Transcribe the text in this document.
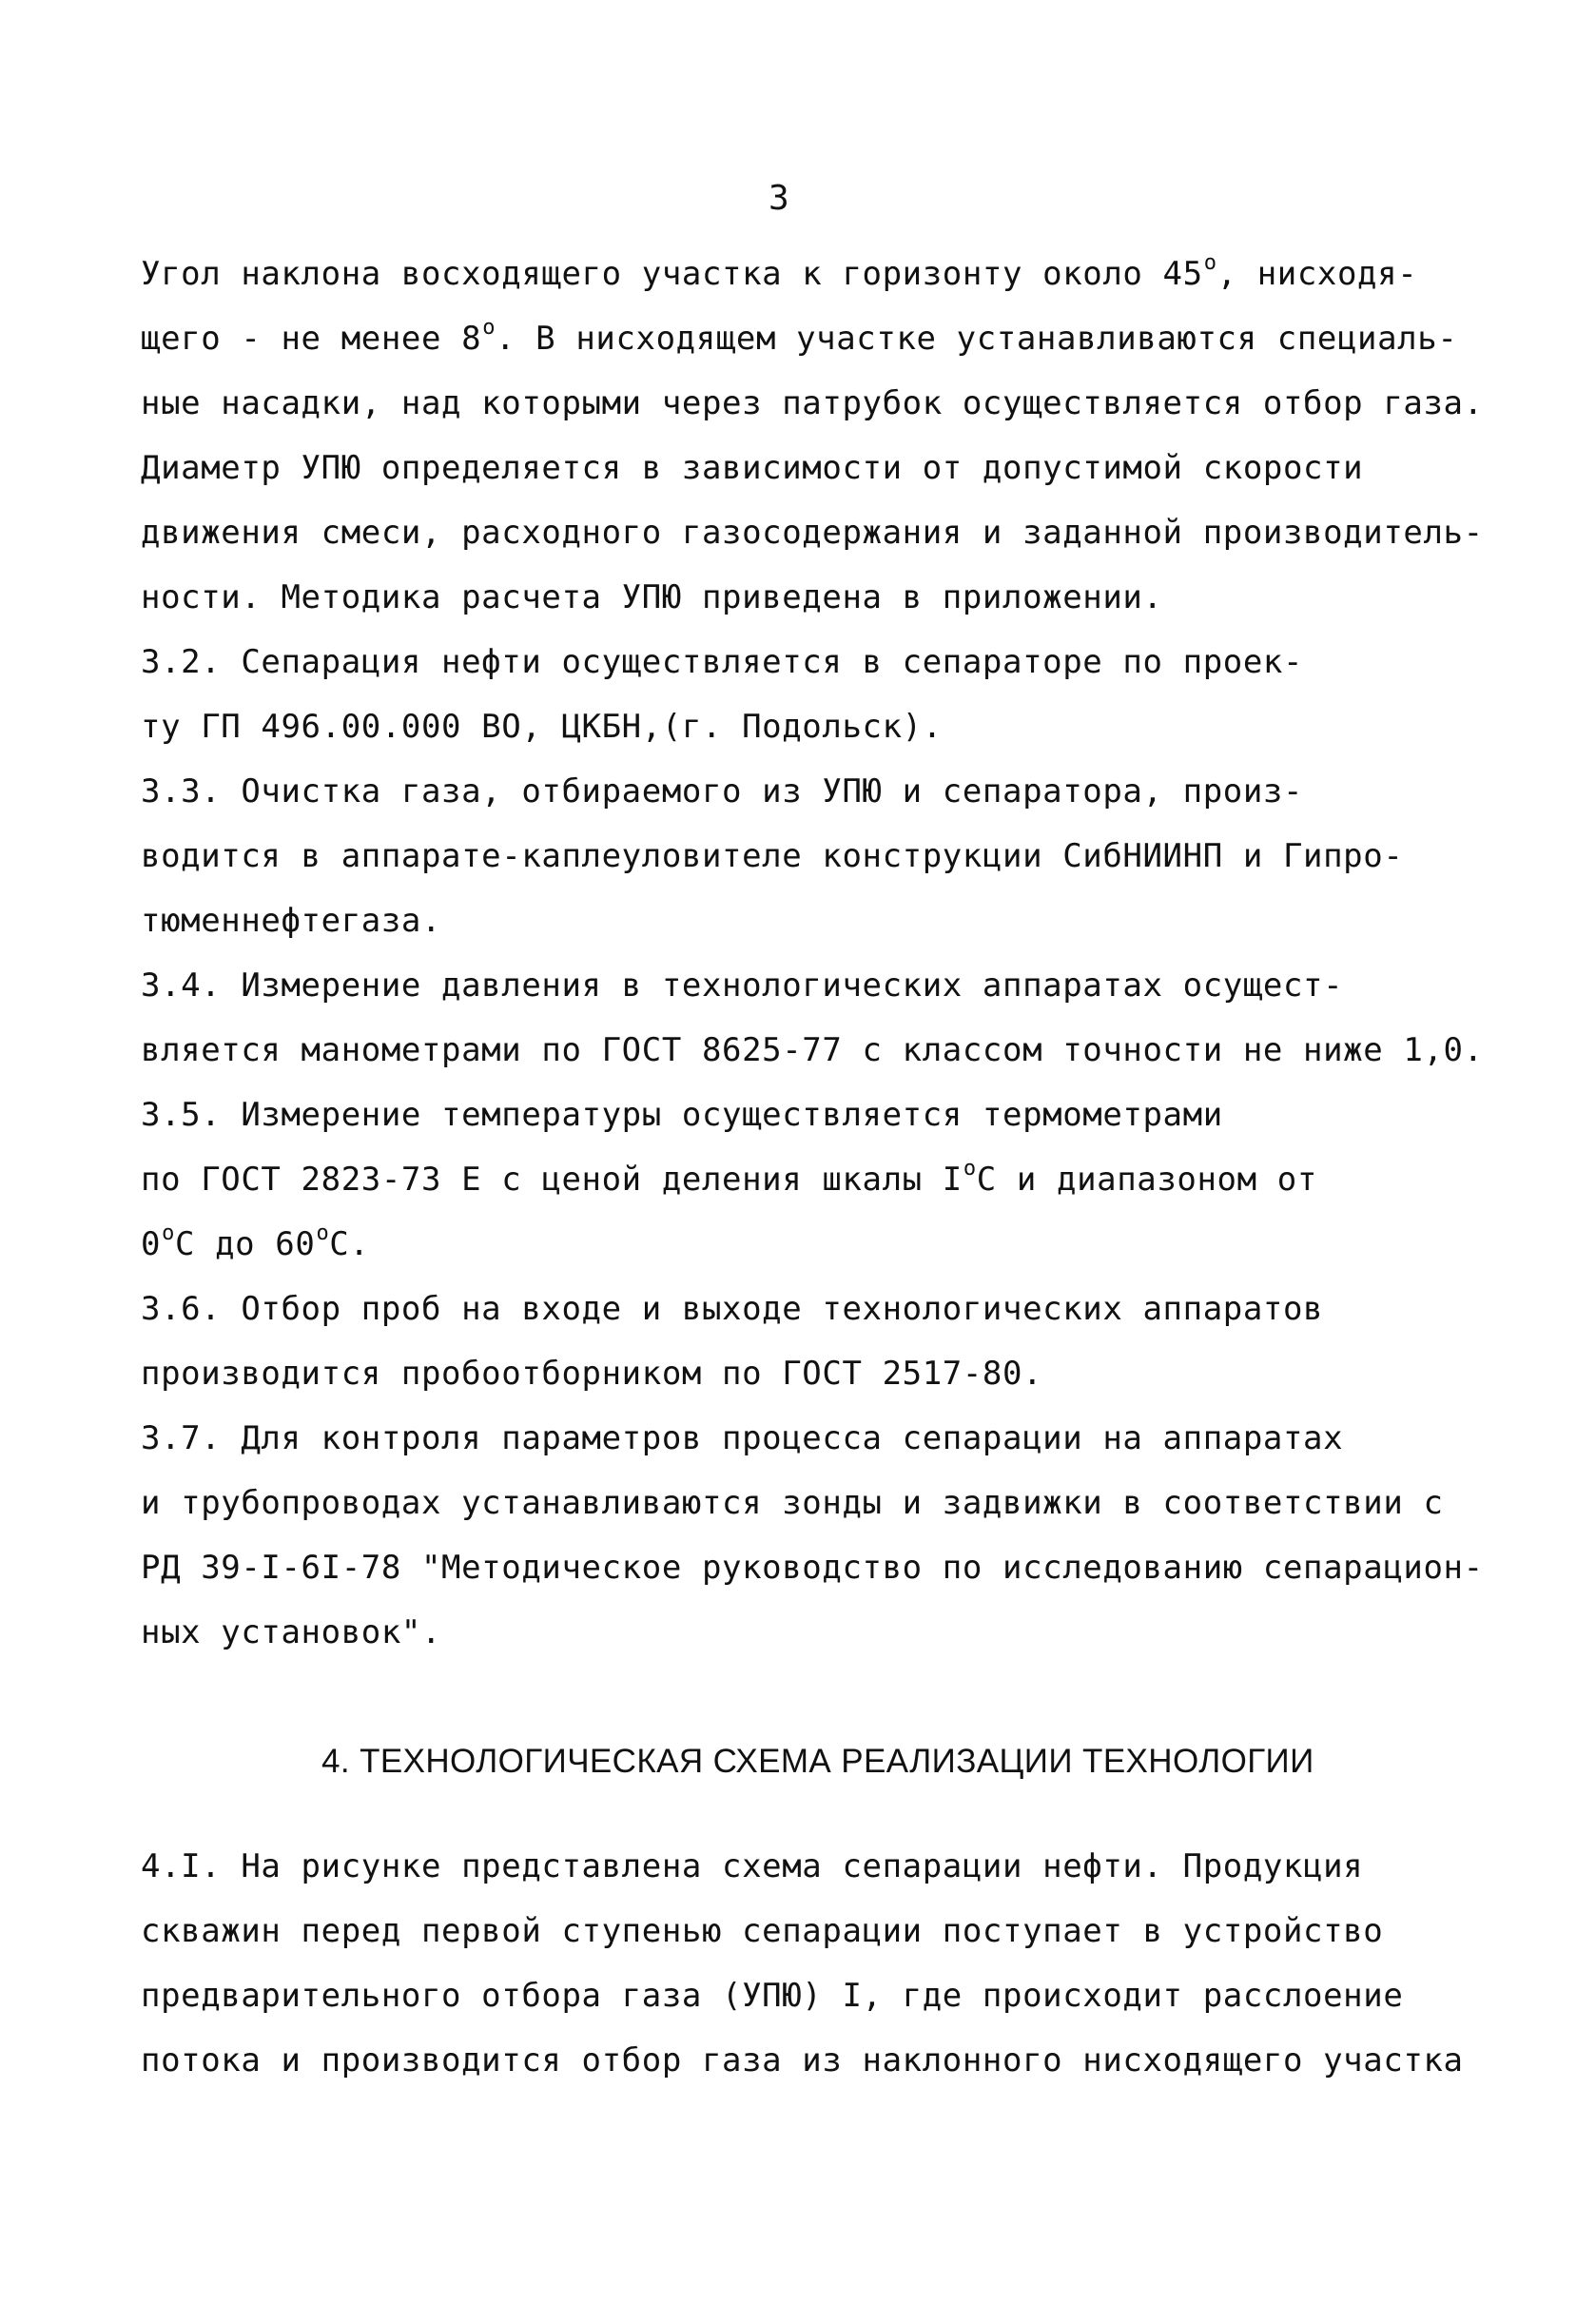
3
Угол наклона восходящего участка к горизонту около $45^о$, нисходя-
щего - не менее $8^о$. В нисходящем участке устанавливаются специаль-
ные насадки, над которыми через патрубок осуществляется отбор газа.
Диаметр УПЮ определяется в зависимости от допустимой скорости
движения смеси, расходного газосодержания и заданной производитель-
ности. Методика расчета УПЮ приведена в приложении.
3.2. Сепарация нефти осуществляется в сепараторе по проек-
ту ГП 496.00.000 ВО, ЦКБН,(г. Подольск).
3.3. Очистка газа, отбираемого из УПЮ и сепаратора, произ-
водится в аппарате-каплеуловителе конструкции СибНИИНП и Гипро-
тюменнефтегаза.
3.4. Измерение давления в технологических аппаратах осущест-
вляется манометрами по ГОСТ 8625-77 с классом точности не ниже 1,0.
3.5. Измерение температуры осуществляется термометрами
по ГОСТ 2823-73 Е с ценой деления шкалы $I^оС$ и диапазоном от
$0^оС$ до $60^оС$.
3.6. Отбор проб на входе и выходе технологических аппаратов
производится пробоотборником по ГОСТ 2517-80.
3.7. Для контроля параметров процесса сепарации на аппаратах
и трубопроводах устанавливаются зонды и задвижки в соответствии с
РД 39-I-6I-78 "Методическое руководство по исследованию сепарацион-
ных установок".
4.I. На рисунке представлена схема сепарации нефти. Продукция
скважин перед первой ступенью сепарации поступает в устройство
предварительного отбора газа (УПЮ) I, где происходит расслоение
потока и производится отбор газа из наклонного нисходящего участка
4. ТЕХНОЛОГИЧЕСКАЯ СХЕМА РЕАЛИЗАЦИИ ТЕХНОЛОГИИ
